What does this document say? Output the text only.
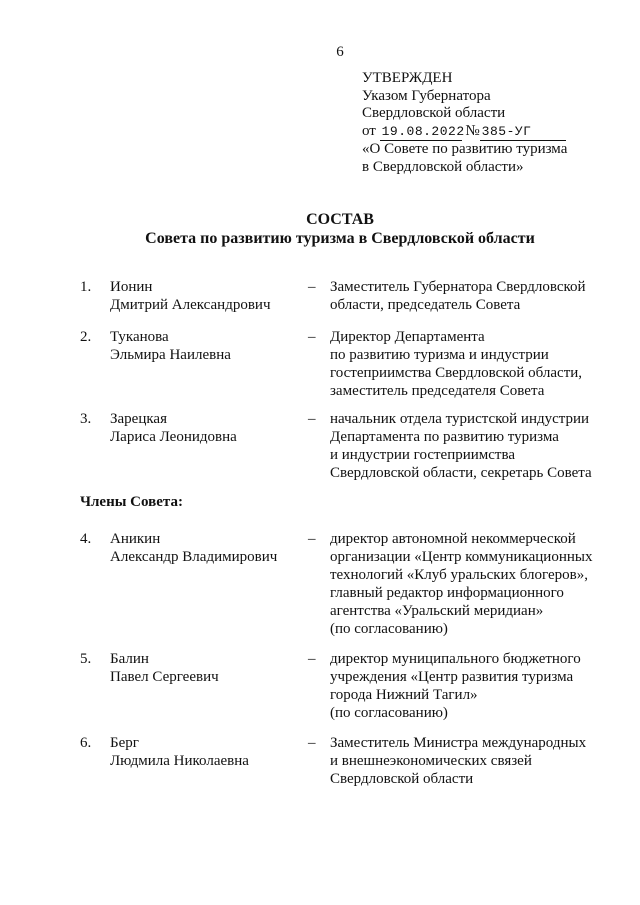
6
УТВЕРЖДЕН
Указом Губернатора
Свердловской области
от 19.08.2022 № 385-УГ
«О Совете по развитию туризма
в Свердловской области»
СОСТАВ
Совета по развитию туризма в Свердловской области
1.	Ионин
Дмитрий Александрович
– Заместитель Губернатора Свердловской
области, председатель Совета
2.	Туканова
Эльмира Наилевна
– Директор Департамента
по развитию туризма и индустрии
гостеприимства Свердловской области,
заместитель председателя Совета
3.	Зарецкая
Лариса Леонидовна
– начальник отдела туристской индустрии
Департамента по развитию туризма
и индустрии гостеприимства
Свердловской области, секретарь Совета
Члены Совета:
4.	Аникин
Александр Владимирович
– директор автономной некоммерческой
организации «Центр коммуникационных
технологий «Клуб уральских блогеров»,
главный редактор информационного
агентства «Уральский меридиан»
(по согласованию)
5.	Балин
Павел Сергеевич
– директор муниципального бюджетного
учреждения «Центр развития туризма
города Нижний Тагил»
(по согласованию)
6.	Берг
Людмила Николаевна
– Заместитель Министра международных
и внешнеэкономических связей
Свердловской области
